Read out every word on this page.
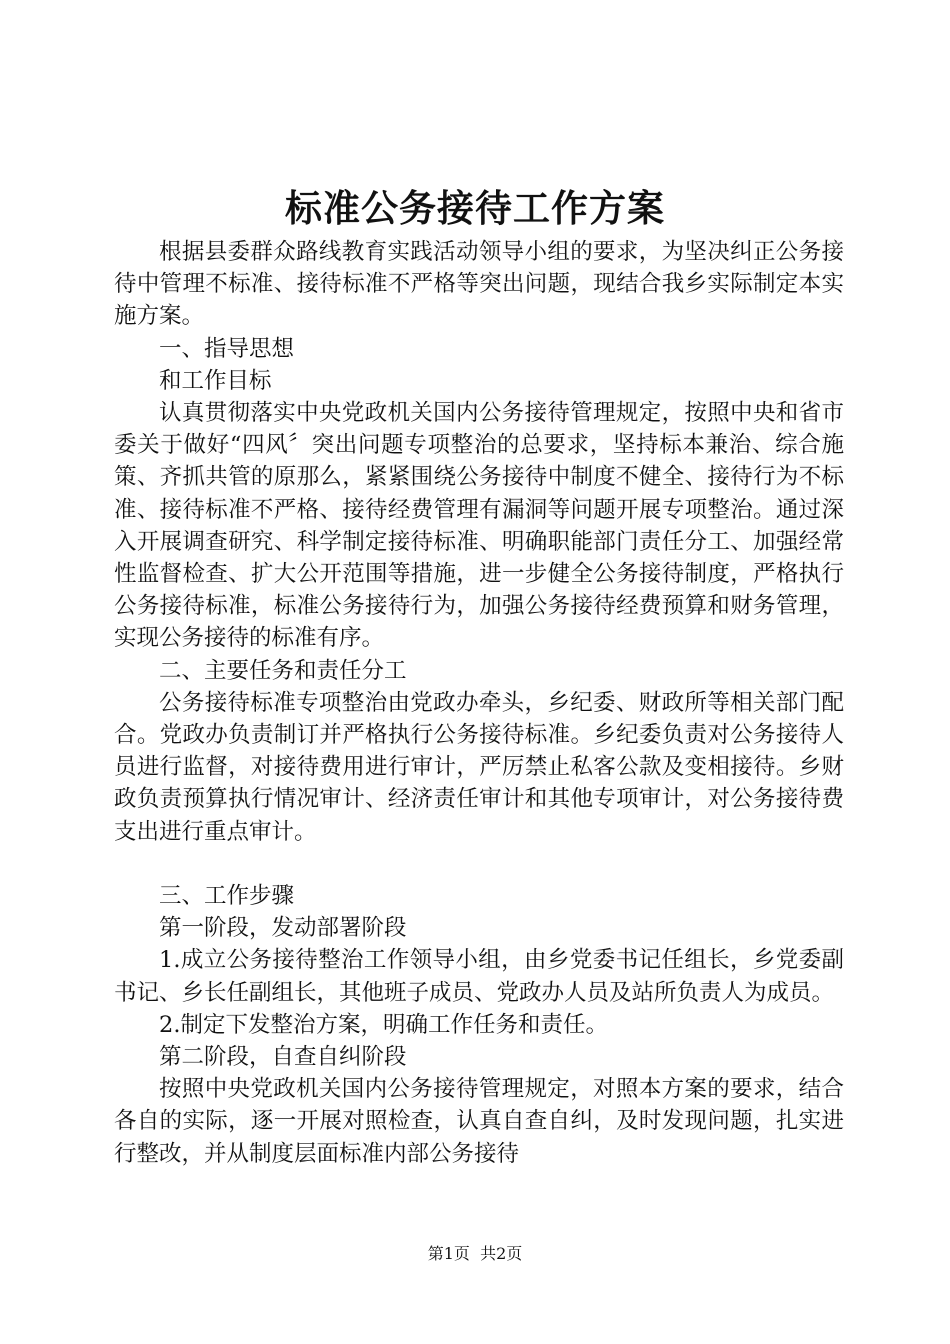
标准公务接待工作方案

根据县委群众路线教育实践活动领导小组的要求，为坚决纠正公务接待中管理不标准、接待标准不严格等突出问题，现结合我乡实际制定本实施方案。

一、指导思想

和工作目标

认真贯彻落实中央党政机关国内公务接待管理规定，按照中央和省市委关于做好“四风〞突出问题专项整治的总要求，坚持标本兼治、综合施策、齐抓共管的原那么，紧紧围绕公务接待中制度不健全、接待行为不标准、接待标准不严格、接待经费管理有漏洞等问题开展专项整治。通过深入开展调查研究、科学制定接待标准、明确职能部门责任分工、加强经常性监督检查、扩大公开范围等措施，进一步健全公务接待制度，严格执行公务接待标准，标准公务接待行为，加强公务接待经费预算和财务管理，实现公务接待的标准有序。

二、主要任务和责任分工

公务接待标准专项整治由党政办牵头，乡纪委、财政所等相关部门配合。党政办负责制订并严格执行公务接待标准。乡纪委负责对公务接待人员进行监督，对接待费用进行审计，严厉禁止私客公款及变相接待。乡财政负责预算执行情况审计、经济责任审计和其他专项审计，对公务接待费支出进行重点审计。

三、工作步骤

第一阶段，发动部署阶段

1.成立公务接待整治工作领导小组，由乡党委书记任组长，乡党委副书记、乡长任副组长，其他班子成员、党政办人员及站所负责人为成员。

2.制定下发整治方案，明确工作任务和责任。

第二阶段，自查自纠阶段

按照中央党政机关国内公务接待管理规定，对照本方案的要求，结合各自的实际，逐一开展对照检查，认真自查自纠，及时发现问题，扎实进行整改，并从制度层面标准内部公务接待

第1页  共2页
